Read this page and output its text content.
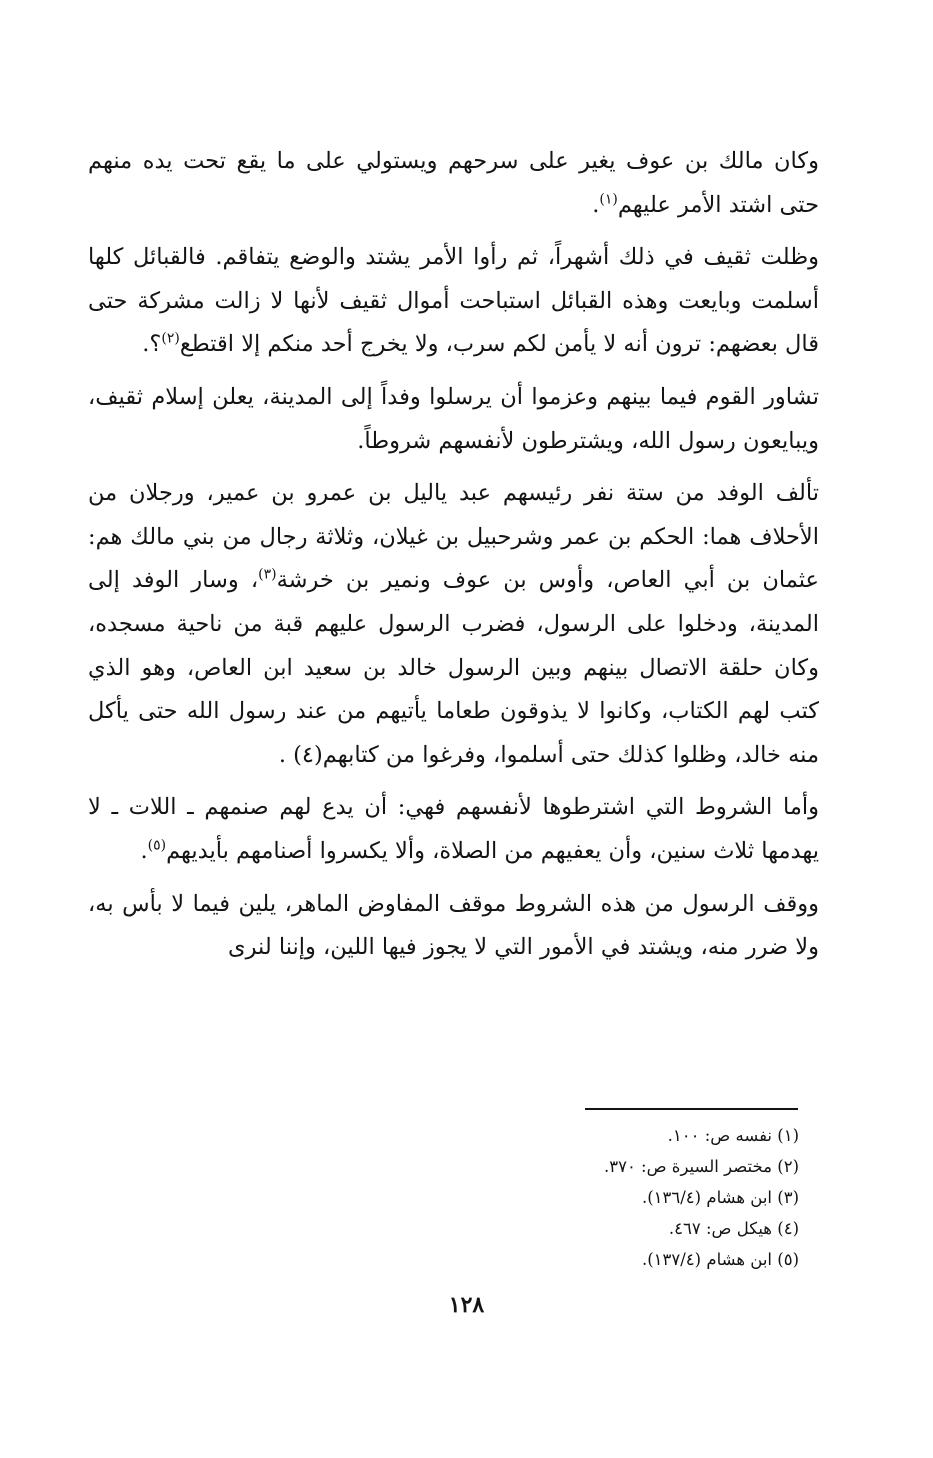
وكان مالك بن عوف يغير على سرحهم ويستولي على ما يقع تحت يده منهم حتى اشتد الأمر عليهم$^{(١)}$.

وظلت ثقيف في ذلك أشهراً، ثم رأوا الأمر يشتد والوضع يتفاقم. فالقبائل كلها أسلمت وبايعت وهذه القبائل استباحت أموال ثقيف لأنها لا زالت مشركة حتى قال بعضهم: ترون أنه لا يأمن لكم سرب، ولا يخرج أحد منكم إلا اقتطع$^{(٢)}$؟.

تشاور القوم فيما بينهم وعزموا أن يرسلوا وفداً إلى المدينة، يعلن إسلام ثقيف، ويبايعون رسول الله، ويشترطون لأنفسهم شروطاً.

تألف الوفد من ستة نفر رئيسهم عبد ياليل بن عمرو بن عمير، ورجلان من الأحلاف هما: الحكم بن عمر وشرحبيل بن غيلان، وثلاثة رجال من بني مالك هم: عثمان بن أبي العاص، وأوس بن عوف ونمير بن خرشة$^{(٣)}$، وسار الوفد إلى المدينة، ودخلوا على الرسول، فضرب الرسول عليهم قبة من ناحية مسجده، وكان حلقة الاتصال بينهم وبين الرسول خالد بن سعيد ابن العاص، وهو الذي كتب لهم الكتاب، وكانوا لا يذوقون طعاما يأتيهم من عند رسول الله حتى يأكل منه خالد، وظلوا كذلك حتى أسلموا، وفرغوا من كتابهم(٤) .

وأما الشروط التي اشترطوها لأنفسهم فهي: أن يدع لهم صنمهم ـ اللات ـ لا يهدمها ثلاث سنين، وأن يعفيهم من الصلاة، وألا يكسروا أصنامهم بأيديهم$^{(٥)}$.

ووقف الرسول من هذه الشروط موقف المفاوض الماهر، يلين فيما لا بأس به، ولا ضرر منه، ويشتد في الأمور التي لا يجوز فيها اللين، وإننا لنرى

(١) نفسه ص: ١٠٠.
(٢) مختصر السيرة ص: ٣٧٠.
(٣) ابن هشام (١٣٦/٤).
(٤) هيكل ص: ٤٦٧.
(٥) ابن هشام (١٣٧/٤).
١٢٨
